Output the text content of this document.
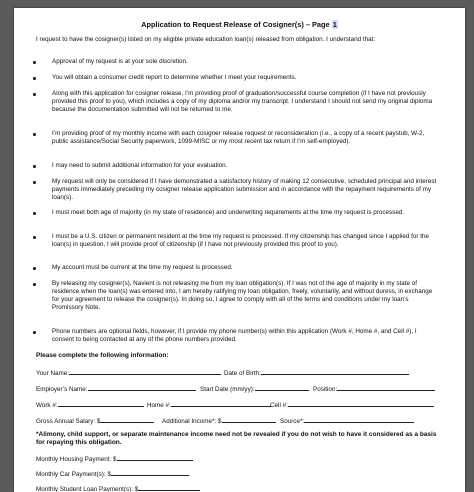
Application to Request Release of Cosigner(s) – Page 1
I request to have the cosigner(s) listed on my eligible private education loan(s) released from obligation. I understand that:
Approval of my request is at your sole discretion.
You will obtain a consumer credit report to determine whether I meet your requirements.
Along with this application for cosigner release, I’m providing proof of graduation/successful course completion (if I have not previously provided this proof to you), which includes a copy of my diploma and/or my transcript. I understand I should not send my original diploma because the documentation submitted will not be returned to me.
I’m providing proof of my monthly income with each cosigner release request or reconsideration (i.e., a copy of a recent paystub, W-2, public assistance/Social Security paperwork, 1099-MISC or my most recent tax return if I’m self-employed).
I may need to submit additional information for your evaluation.
My request will only be considered if I have demonstrated a satisfactory history of making 12 consecutive, scheduled principal and interest payments immediately preceding my cosigner release application submission and in accordance with the repayment requirements of my loan(s).
I must meet both age of majority (in my state of residence) and underwriting requirements at the time my request is processed.
I must be a U.S. citizen or permanent resident at the time my request is processed. If my citizenship has changed since I applied for the loan(s) in question, I will provide proof of citizenship (if I have not previously provided this proof to you).
My account must be current at the time my request is processed.
By releasing my cosigner(s), Navient is not releasing me from my loan obligation(s). If I was not of the age of majority in my state of residence when the loan(s) was entered into, I am hereby ratifying my loan obligation, freely, voluntarily, and without duress, in exchange for your agreement to release the cosigner(s). In doing so, I agree to comply with all of the terms and conditions under my loan’s Promissory Note.
Phone numbers are optional fields, however, if I provide my phone number(s) within this application (Work #, Home #, and Cell #), I consent to being contacted at any of the phone numbers provided.
Please complete the following information:
Your Name:	Date of Birth:
Employer’s Name:	Start Date (mm/yy):	Position:
Work #:	Home #:	Cell #:
Gross Annual Salary: $	Additional Income*: $	Source*:
*Alimony, child support, or separate maintenance income need not be revealed if you do not wish to have it considered as a basis for repaying this obligation.
Monthly Housing Payment: $
Monthly Car Payment(s): $
Monthly Student Loan Payment(s): $
